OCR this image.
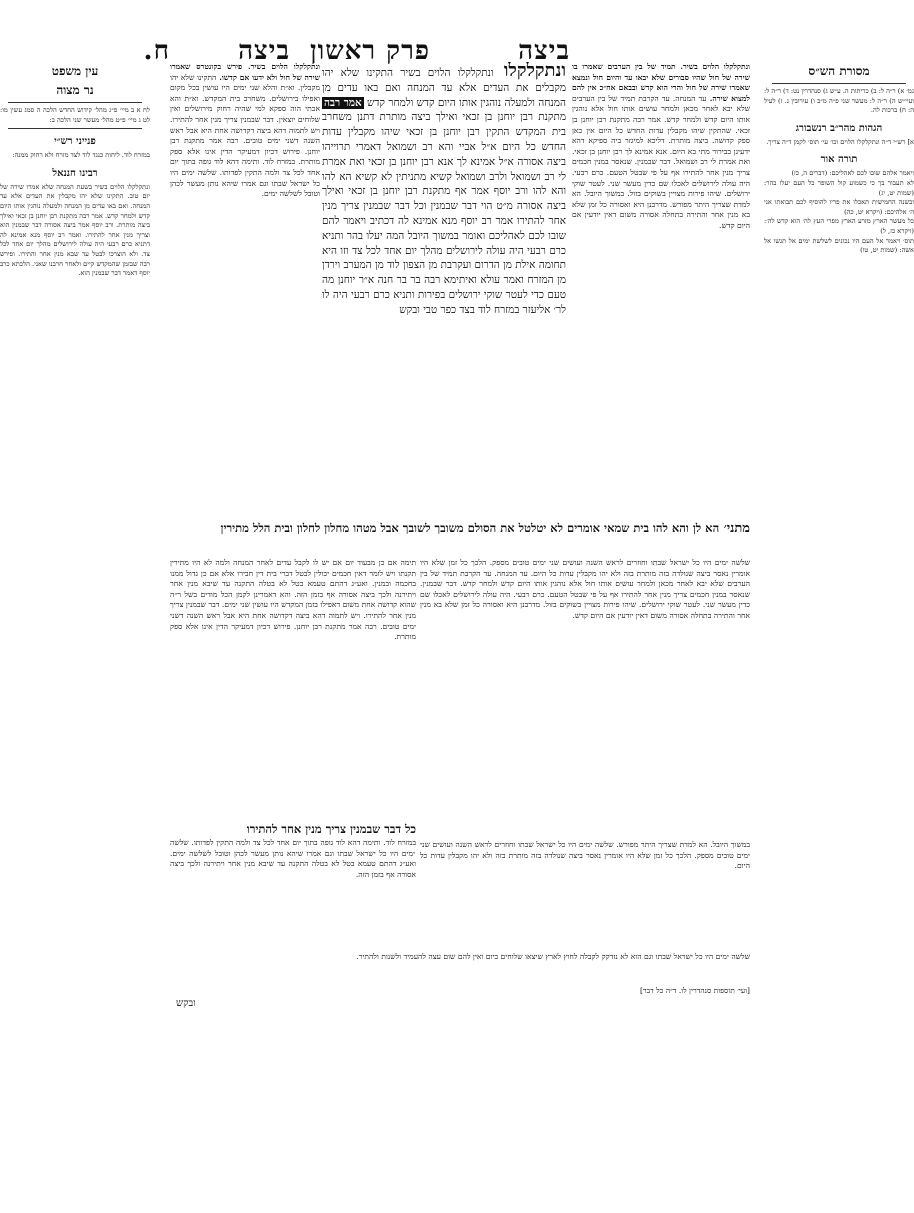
ביצה
פרק ראשון
ביצה
ח.
מסורת הש״ס
גמ׳ א) ר״ה ל: ב) כריתות ה. ע״ש ג) סנהדרין נט: ד) ר״ה ל: ועיי״ש ה) ר״ה ל: מעשר שני פ״ה מ״ב ו) עירובין נ. ז) לעיל ה: ח) ברכות לה.
הגהות מהר״ב רנשבורג
א] רש״י ד״ה ונתקלקלו הלוים וכו׳ עי׳ תוס׳ לקמן ד״ה צריך.
תורה אור
ויאמר אלהם שובו לכם לאהליכם: (דברים ה, כז)
לא תעבור בך כי כשמוע קול השופר כל העם יעלו בהר: (שמות יט, יג)
ובשנה החמישית תאכלו את פריו להוסיף לכם תבואתו אני ה׳ אלהיכם: (ויקרא יט, כה)
כל מעשר הארץ מזרע הארץ מפרי העץ לה׳ הוא קדש לה׳: (ויקרא כז, ל)
תוס׳ ויאמר אל העם היו נכונים לשלשת ימים אל תגשו אל אשה: (שמות יט, טו)
עין משפט
נר מצוה
לח א ב מיי׳ פ״ג מהל׳ קידוש החדש הלכה ה סמג עשין מו: לט ג מיי׳ פ״ט מהל׳ מעשר שני הלכה ב:
פנייני רש״י
במזרח לוד. ליחות כנגד לוד לצד מזרח ולא רחוק ממנה:
רבינו חננאל
ונתקלקלו הלוים בשיר בשעת המנחה שלא אמרו שירה של יום טוב. התקינו שלא יהו מקבלין את העדים אלא עד המנחה. ואם באו עדים מן המנחה ולמעלה נוהגין אותו היום קדש ולמחר קדש. אמר רבה מתקנת רבן יוחנן בן זכאי ואילך ביצה מותרת. ורב יוסף אמר ביצה אסורה דבר שבמנין הוא וצריך מנין אחר להתירו. ואמר רב יוסף מנא אמינא לה דתניא כרם רבעי היה עולה לירושלים מהלך יום אחד לכל צד. ולא הוצרכו לבטל עד שבא מנין אחר והתירו. ופירש רבה שבזמן שהמקדש קיים ולאחר חרבנו שאני. הלכתא כרב יוסף דאמר דבר שבמנין הוא.
ונתקלקלו הלוים בשיר. תמיד של בין הערבים שאמרו בו שירה של חול שהיו סבורים שלא יבאו עד והיום חול ונמצא שאמרו שירה של חול והרי הוא קדש ובבאם אח״כ אין להם למצוא שירה. עד המנחה. עד הקרבת תמיד של בין הערבים שלא יבא לאחר מכאן ולמחר עושים אותו חול אלא נוהגין אותו היום קדש ולמחר קדש. אמר רבה מתקנת רבן יוחנן בן זכאי. שהתקין שיהו מקבלין עדות החדש כל היום אין כאן ספק קדושה. ביצה מותרת. דליכא למיגזר ביה ספיקא דהא ידעינן בבירור מתי בא היום. אנא אמינא לך רבן יוחנן בן זכאי. ואת אמרת לי רב ושמואל. דבר שבמנין. שנאסר במנין חכמים צריך מנין אחר להתירו אף על פי שבטל הטעם. כרם רבעי. היה עולה לירושלים לאכלו שם כדין מעשר שני. לעטר שוקי ירושלים. שיהו פירות מצויין בשוקים בזול. במשוך היובל. הא למדת שצריך היתר מפורש. מדרבנן היא ואסורה כל זמן שלא בא מנין אחר והתירה בתחלה אסורה משום דאין יודעין אם היום קדש.
ונתקלקלו ונתקלקלו הלוים בשיר התקינו שלא יהו מקבלים את העדים אלא עד המנחה ואם באו עדים מן המנחה ולמעלה נוהגין אותו היום קדש ולמחר קדש אמר רבה מתקנת רבן יוחנן בן זכאי ואילך ביצה מותרת דתנן משחרב בית המקדש התקין רבן יוחנן בן זכאי שיהו מקבלין עדות החדש כל היום א״ל אביי והא רב ושמואל דאמרי תרוייהו ביצה אסורה א״ל אמינא לך אנא רבן יוחנן בן זכאי ואת אמרת לי רב ושמואל ולרב ושמואל קשיא מתניתין לא קשיא הא להו והא להו ורב יוסף אמר אף מתקנת רבן יוחנן בן זכאי ואילך ביצה אסורה מ״ט הוי דבר שבמנין וכל דבר שבמנין צריך מנין אחר להתירו אמר רב יוסף מנא אמינא לה דכתיב ויאמר להם שובו לכם לאהליכם ואומר במשוך היובל המה יעלו בהר ותניא כרם רבעי היה עולה לירושלים מהלך יום אחד לכל צד וזו היא תחומה אילת מן הדרום ועקרבת מן הצפון לוד מן המערב וירדן מן המזרח ואמר עולא ואיתימא רבה בר בר חנה א״ר יוחנן מה טעם כדי לעטר שוקי ירושלים בפירות ותניא כרם רבעי היה לו לר׳ אליעזר במזרח לוד בצד כפר טבי ובקש
ונתקלקלו הלוים בשיר. פירש בקונטרס שאמרו שירה של חול ולא ידעו אם קדשו. התקינו שלא יהו מקבלין. וא״ת והלא שני ימים היו עושין בכל מקום ואפילו בירושלים. משחרב בית המקדש. וא״ת והא אכתי הוה ספקא למי שהיה רחוק מירושלים ואין שלוחים יוצאין. דבר שבמנין צריך מנין אחר להתירו. ויש לתמוה דהא ביצה דקדושה אחת היא אבל ראש השנה דשני ימים טובים. רבה אמר מתקנת רבן יוחנן. פירוש דכיון דמעיקר הדין אינו אלא ספק מותרת. במזרח לוד. ותימה דהא לוד גופה בתוך יום אחד לכל צד ולמה התקין לפדותו. שלשה ימים היו כל ישראל שבתו וגם אמרו שיהא נותן מעשר לכהן וטובל לשלשה ימים.
מתני׳ הא לן והא להו בית שמאי אומרים לא יטלטל את הסולם משובך לשובך אבל מטהו מחלון לחלון ובית הלל מתירין
שלשה ימים היו כל ישראל שבתו וחוזרים לראש השנה ועושים שני ימים טובים מספק. הלכך כל זמן שלא היו אומרין נאסר ביצה שנולדה בזה מותרת בזה ולא יהו מקבלין עדות כל היום. עד המנחה. עד הקרבת תמיד של בין הערבים שלא יבא לאחר מכאן ולמחר עושים אותו חול אלא נוהגין אותו היום קדש ולמחר קדש. דבר שבמנין. שנאסר במנין חכמים צריך מנין אחר להתירו אף על פי שבטל הטעם. כרם רבעי. היה עולה לירושלים לאכלו שם כדין מעשר שני. לעטר שוקי ירושלים. שיהו פירות מצויין בשוקים בזול. מדרבנן היא ואסורה כל זמן שלא בא מנין אחר והתירה בתחלה אסורה משום דאין יודעין אם היום קדש.
תימה אם כן מבעוד יום אם יש לו לקבל עדים לאחר המנחה ולמה לא היו מתירין תקנתו ויש לומר דאין חכמים יכולין לבטל דברי בית דין חבירו אלא אם כן גדול ממנו בחכמה ובמנין. ואע״ג דהתם טעמא בטל לא בטלה התקנה עד שיבא מנין אחר ויתירנה ולכך ביצה אסורה אף בזמן הזה. והא דאמרינן לקמן הכל מודים בשל ר״ה שהוא קדושה אחת משום דאפילו בזמן המקדש היו עושין שני ימים. דבר שבמנין צריך מנין אחר להתירו. ויש לתמוה דהא ביצה דקדושה אחת היא אבל ראש השנה דשני ימים טובים. רבה אמר מתקנת רבן יוחנן. פירוש דכיון דמעיקר הדין אינו אלא ספק מותרת.
כל דבר שבמנין צריך מנין אחר להתירו
במזרח לוד. ותימה דהא לוד גופה בתוך יום אחד לכל צד ולמה התקין לפדותו. שלשה ימים היו כל ישראל שבתו וגם אמרו שיהא נותן מעשר לכהן וטובל לשלשה ימים. ואע״ג דהתם טעמא בטל לא בטלה התקנה עד שיבא מנין אחר ויתירנה ולכך ביצה אסורה אף בזמן הזה.
במשוך היובל. הא למדת שצריך היתר מפורש. שלשה ימים היו כל ישראל שבתו וחוזרים לראש השנה ועושים שני ימים טובים מספק. הלכך כל זמן שלא היו אומרין נאסר ביצה שנולדה בזה מותרת בזה ולא יהו מקבלין עדות כל היום.
שלשה ימים היו כל ישראל שבתו וגם הוא לא נזדקק לקבלה לחוץ לארץ שיצאו שלוחים ביום ואין להם שום עצה להעמיד ולשנות ולהתיר.
[ועי׳ תוספות סנהדרין לו. ד״ה כל דבר]
ובקש
